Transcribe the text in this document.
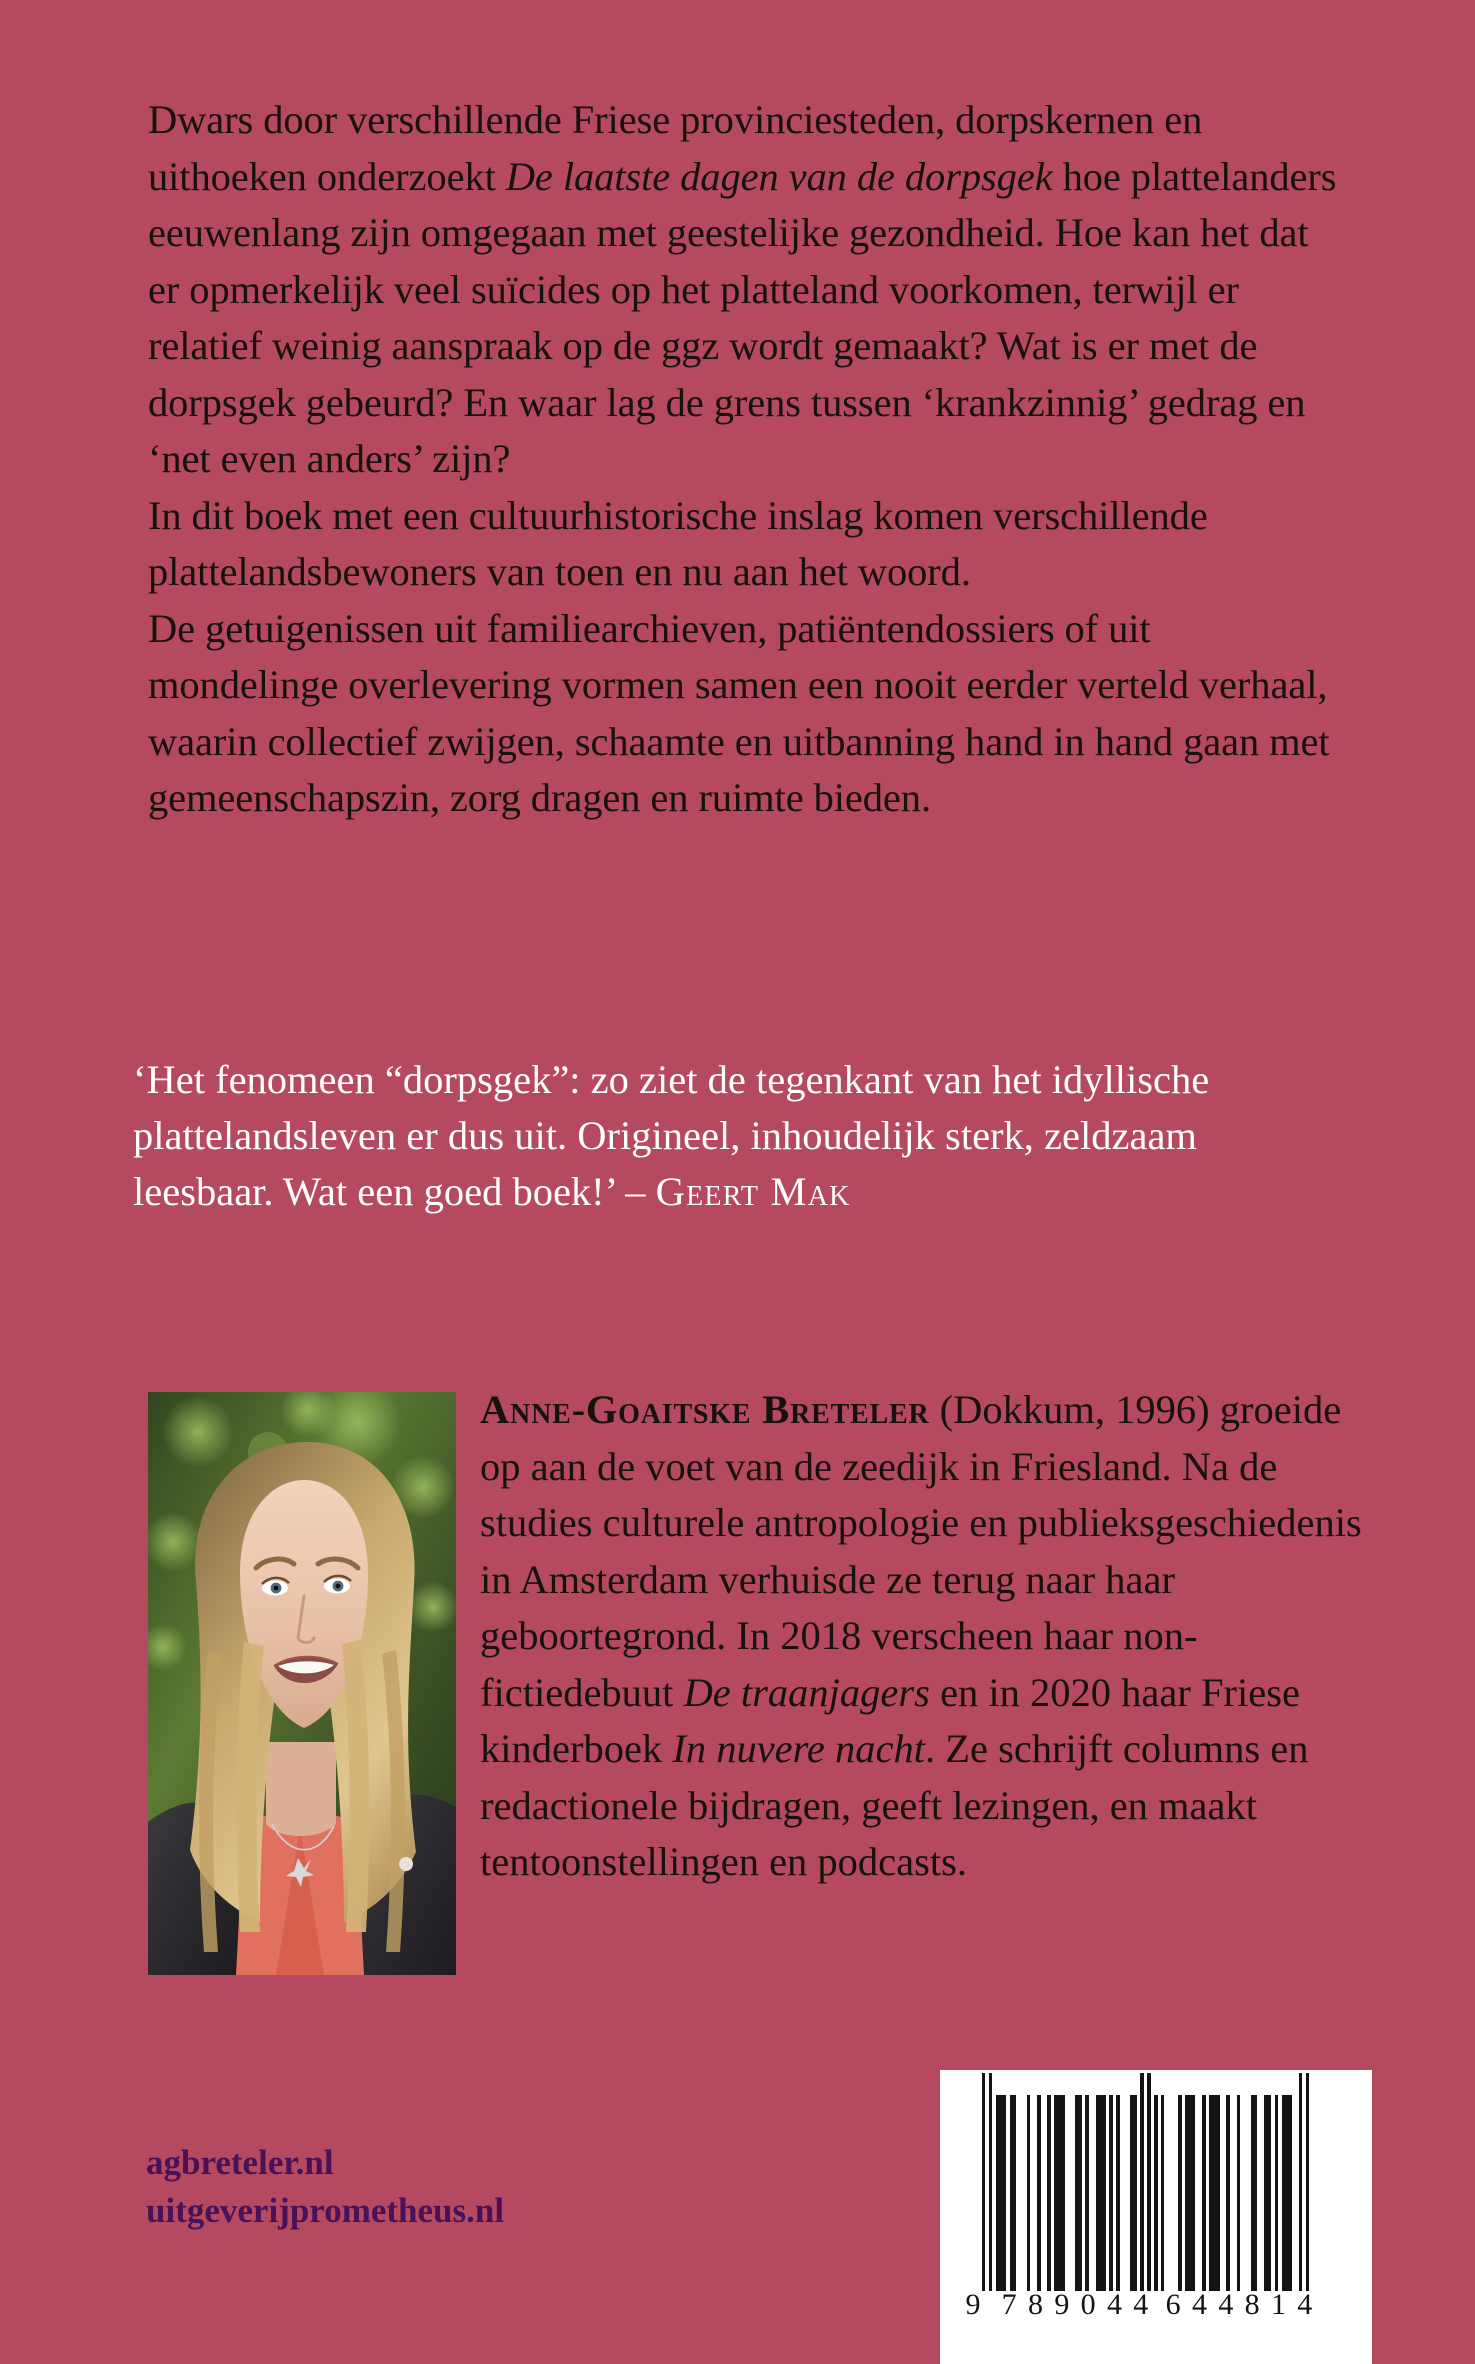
Dwars door verschillende Friese provinciesteden, dorpskernen en uithoeken onderzoekt De laatste dagen van de dorpsgek hoe plattelanders eeuwenlang zijn omgegaan met geestelijke gezondheid. Hoe kan het dat er opmerkelijk veel suïcides op het platteland voorkomen, terwijl er relatief weinig aanspraak op de ggz wordt gemaakt? Wat is er met de dorpsgek gebeurd? En waar lag de grens tussen ‘krankzinnig’ gedrag en ‘net even anders’ zijn?

In dit boek met een cultuurhistorische inslag komen verschillende plattelandsbewoners van toen en nu aan het woord.

De getuigenissen uit familiearchieven, patiëntendossiers of uit mondelinge overlevering vormen samen een nooit eerder verteld verhaal, waarin collectief zwijgen, schaamte en uitbanning hand in hand gaan met gemeenschapszin, zorg dragen en ruimte bieden.

‘Het fenomeen “dorpsgek”: zo ziet de tegenkant van het idyllische plattelandsleven er dus uit. Origineel, inhoudelijk sterk, zeldzaam leesbaar. Wat een goed boek!’ – Geert Mak
Anne-Goaitske Breteler (Dokkum, 1996) groeide op aan de voet van de zeedijk in Friesland. Na de studies culturele antropologie en publieksgeschiedenis in Amsterdam verhuisde ze terug naar haar geboortegrond. In 2018 verscheen haar non-fictiedebuut De traanjagers en in 2020 haar Friese kinderboek In nuvere nacht. Ze schrijft columns en redactionele bijdragen, geeft lezingen, en maakt tentoonstellingen en podcasts.
agbreteler.nl
uitgeverijprometheus.nl
9 7 8 9 0 4 4 6 4 4 8 1 4
